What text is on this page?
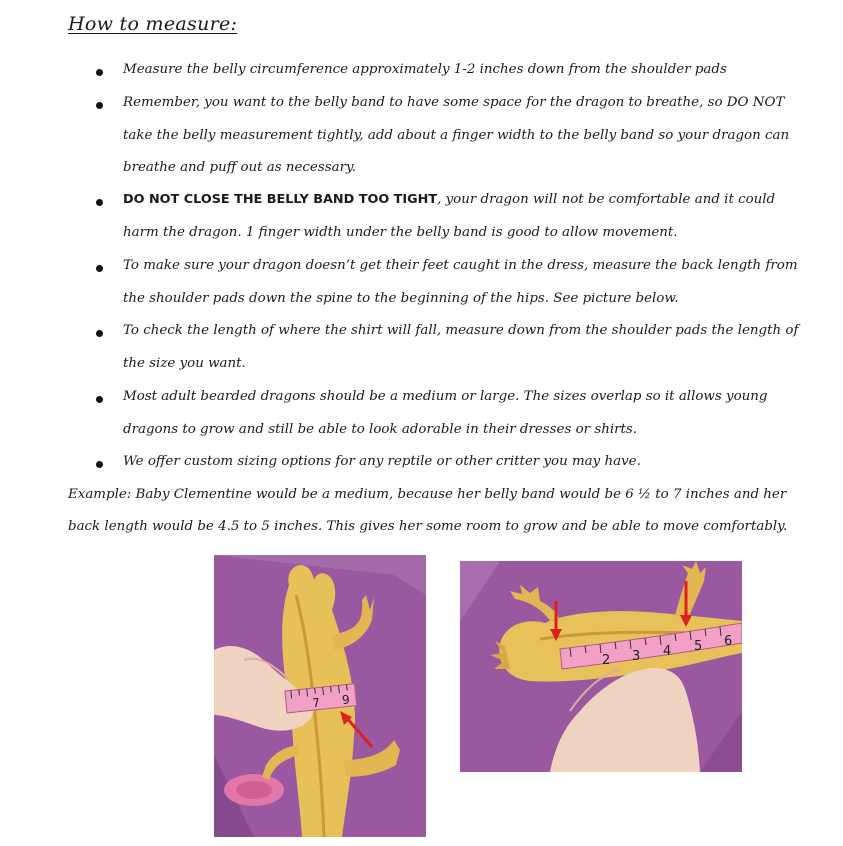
How to measure:
Measure the belly circumference approximately 1-2 inches down from the shoulder pads
Remember, you want to the belly band to have some space for the dragon to breathe, so DO NOT take the belly measurement tightly, add about a finger width to the belly band so your dragon can breathe and puff out as necessary.
DO NOT CLOSE THE BELLY BAND TOO TIGHT, your dragon will not be comfortable and it could harm the dragon. 1 finger width under the belly band is good to allow movement.
To make sure your dragon doesn’t get their feet caught in the dress, measure the back length from the shoulder pads down the spine to the beginning of the hips. See picture below.
To check the length of where the shirt will fall, measure down from the shoulder pads the length of the size you want.
Most adult bearded dragons should be a medium or large. The sizes overlap so it allows young dragons to grow and still be able to look adorable in their dresses or shirts.
We offer custom sizing options for any reptile or other critter you may have.
Example: Baby Clementine would be a medium, because her belly band would be 6 ½ to 7 inches and her back length would be 4.5 to 5 inches. This gives her some room to grow and be able to move comfortably.
7 9
2 3 4 5 6
